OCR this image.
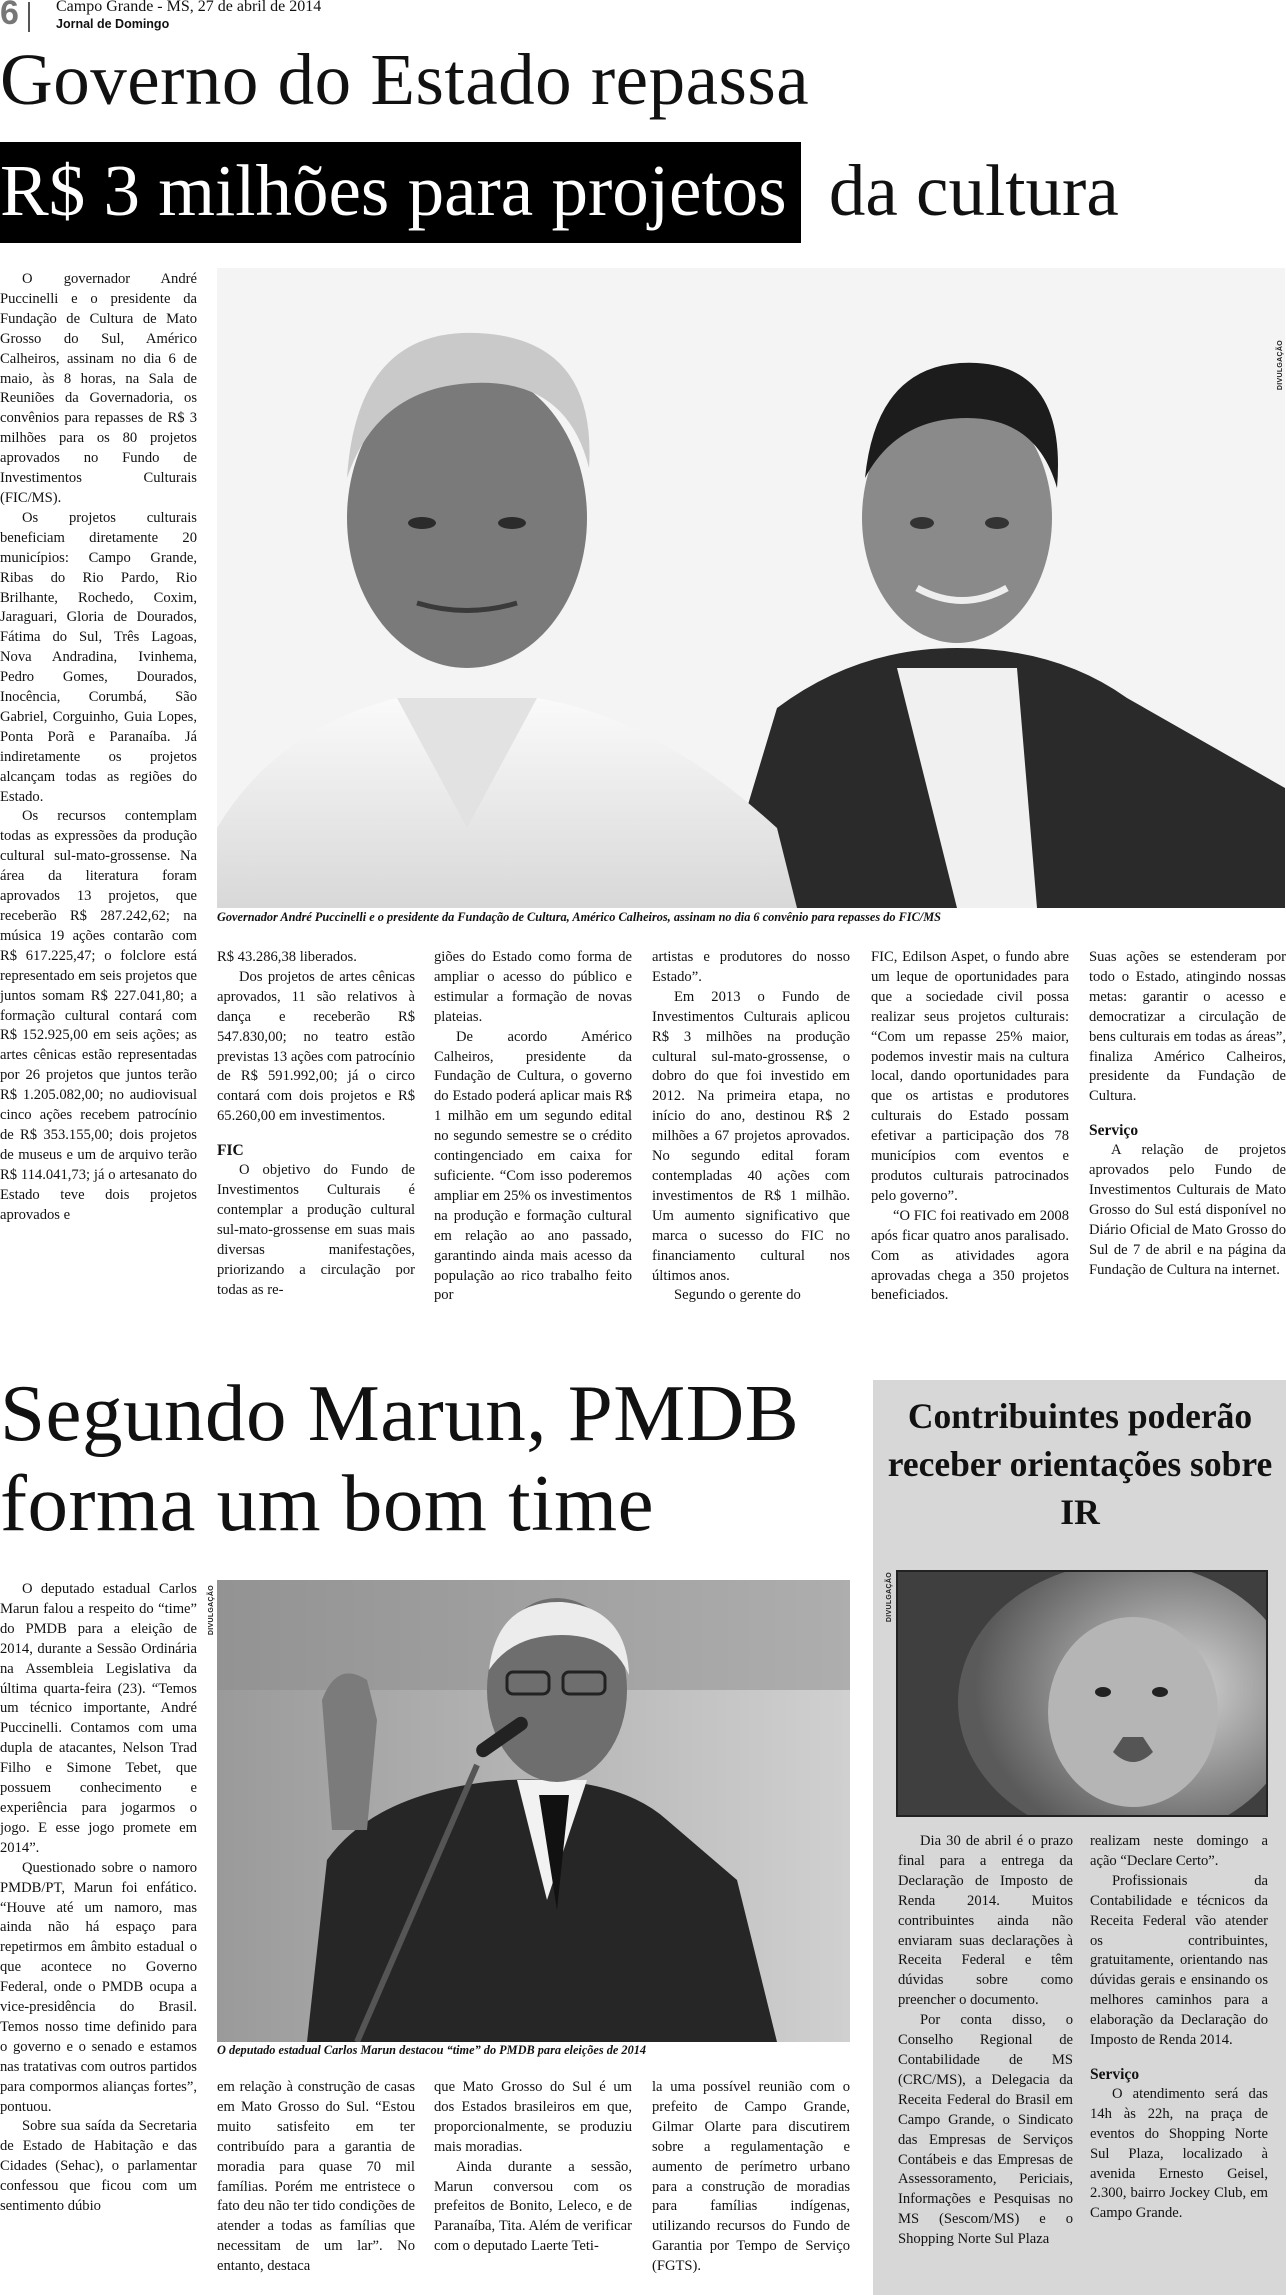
6 Campo Grande - MS, 27 de abril de 2014
Jornal de Domingo
Governo do Estado repassa
R$ 3 milhões para projetos da cultura
DIVULGAÇÃO
Governador André Puccinelli e o presidente da Fundação de Cultura, Américo Calheiros, assinam no dia 6 convênio para repasses do FIC/MS

O governador André Puccinelli e o presidente da Fundação de Cultura de Mato Grosso do Sul, Américo Calheiros, assinam no dia 6 de maio, às 8 horas, na Sala de Reuniões da Governadoria, os convênios para repasses de R$ 3 milhões para os 80 projetos aprovados no Fundo de Investimentos Culturais (FIC/MS).

Os projetos culturais beneficiam diretamente 20 municípios: Campo Grande, Ribas do Rio Pardo, Rio Brilhante, Rochedo, Coxim, Jaraguari, Gloria de Dourados, Fátima do Sul, Três Lagoas, Nova Andradina, Ivinhema, Pedro Gomes, Dourados, Inocência, Corumbá, São Gabriel, Corguinho, Guia Lopes, Ponta Porã e Paranaíba. Já indiretamente os projetos alcançam todas as regiões do Estado.

Os recursos contemplam todas as expressões da produção cultural sul-mato-grossense. Na área da literatura foram aprovados 13 projetos, que receberão R$ 287.242,62; na música 19 ações contarão com R$ 617.225,47; o folclore está representado em seis projetos que juntos somam R$ 227.041,80; a formação cultural contará com R$ 152.925,00 em seis ações; as artes cênicas estão representadas por 26 projetos que juntos terão R$ 1.205.082,00; no audiovisual cinco ações recebem patrocínio de R$ 353.155,00; dois projetos de museus e um de arquivo terão R$ 114.041,73; já o artesanato do Estado teve dois projetos aprovados e

R$ 43.286,38 liberados.

Dos projetos de artes cênicas aprovados, 11 são relativos à dança e receberão R$ 547.830,00; no teatro estão previstas 13 ações com patrocínio de R$ 591.992,00; já o circo contará com dois projetos e R$ 65.260,00 em investimentos.

FIC

O objetivo do Fundo de Investimentos Culturais é contemplar a produção cultural sul-mato-grossense em suas mais diversas manifestações, priorizando a circulação por todas as re-

giões do Estado como forma de ampliar o acesso do público e estimular a formação de novas plateias.

De acordo Américo Calheiros, presidente da Fundação de Cultura, o governo do Estado poderá aplicar mais R$ 1 milhão em um segundo edital no segundo semestre se o crédito contingenciado em caixa for suficiente. “Com isso poderemos ampliar em 25% os investimentos na produção e formação cultural em relação ao ano passado, garantindo ainda mais acesso da população ao rico trabalho feito por

artistas e produtores do nosso Estado”.

Em 2013 o Fundo de Investimentos Culturais aplicou R$ 3 milhões na produção cultural sul-mato-grossense, o dobro do que foi investido em 2012. Na primeira etapa, no início do ano, destinou R$ 2 milhões a 67 projetos aprovados. No segundo edital foram contempladas 40 ações com investimentos de R$ 1 milhão. Um aumento significativo que marca o sucesso do FIC no financiamento cultural nos últimos anos.

Segundo o gerente do

FIC, Edilson Aspet, o fundo abre um leque de oportunidades para que a sociedade civil possa realizar seus projetos culturais: “Com um repasse 25% maior, podemos investir mais na cultura local, dando oportunidades para que os artistas e produtores culturais do Estado possam efetivar a participação dos 78 municípios com eventos e produtos culturais patrocinados pelo governo”.

“O FIC foi reativado em 2008 após ficar quatro anos paralisado. Com as atividades agora aprovadas chega a 350 projetos beneficiados.

Suas ações se estenderam por todo o Estado, atingindo nossas metas: garantir o acesso e democratizar a circulação de bens culturais em todas as áreas”, finaliza Américo Calheiros, presidente da Fundação de Cultura.

Serviço

A relação de projetos aprovados pelo Fundo de Investimentos Culturais de Mato Grosso do Sul está disponível no Diário Oficial de Mato Grosso do Sul de 7 de abril e na página da Fundação de Cultura na internet.

Segundo Marun, PMDB
forma um bom time
DIVULGAÇÃO
O deputado estadual Carlos Marun destacou “time” do PMDB para eleições de 2014

O deputado estadual Carlos Marun falou a respeito do “time” do PMDB para a eleição de 2014, durante a Sessão Ordinária na Assembleia Legislativa da última quarta-feira (23). “Temos um técnico importante, André Puccinelli. Contamos com uma dupla de atacantes, Nelson Trad Filho e Simone Tebet, que possuem conhecimento e experiência para jogarmos o jogo. E esse jogo promete em 2014”.

Questionado sobre o namoro PMDB/PT, Marun foi enfático. “Houve até um namoro, mas ainda não há espaço para repetirmos em âmbito estadual o que acontece no Governo Federal, onde o PMDB ocupa a vice-presidência do Brasil. Temos nosso time definido para o governo e o senado e estamos nas tratativas com outros partidos para compormos alianças fortes”, pontuou.

Sobre sua saída da Secretaria de Estado de Habitação e das Cidades (Sehac), o parlamentar confessou que ficou com um sentimento dúbio

em relação à construção de casas em Mato Grosso do Sul. “Estou muito satisfeito em ter contribuído para a garantia de moradia para quase 70 mil famílias. Porém me entristece o fato deu não ter tido condições de atender a todas as famílias que necessitam de um lar”. No entanto, destaca

que Mato Grosso do Sul é um dos Estados brasileiros em que, proporcionalmente, se produziu mais moradias.

Ainda durante a sessão, Marun conversou com os prefeitos de Bonito, Leleco, e de Paranaíba, Tita. Além de verificar com o deputado Laerte Teti-

la uma possível reunião com o prefeito de Campo Grande, Gilmar Olarte para discutirem sobre a regulamentação e aumento de perímetro urbano para a construção de moradias para famílias indígenas, utilizando recursos do Fundo de Garantia por Tempo de Serviço (FGTS).

Contribuintes poderão receber orientações sobre IR
DIVULGAÇÃO

Dia 30 de abril é o prazo final para a entrega da Declaração de Imposto de Renda 2014. Muitos contribuintes ainda não enviaram suas declarações à Receita Federal e têm dúvidas sobre como preencher o documento.

Por conta disso, o Conselho Regional de Contabilidade de MS (CRC/MS), a Delegacia da Receita Federal do Brasil em Campo Grande, o Sindicato das Empresas de Serviços Contábeis e das Empresas de Assessoramento, Periciais, Informações e Pesquisas no MS (Sescom/MS) e o Shopping Norte Sul Plaza

realizam neste domingo a ação “Declare Certo”.

Profissionais da Contabilidade e técnicos da Receita Federal vão atender os contribuintes, gratuitamente, orientando nas dúvidas gerais e ensinando os melhores caminhos para a elaboração da Declaração do Imposto de Renda 2014.

Serviço

O atendimento será das 14h às 22h, na praça de eventos do Shopping Norte Sul Plaza, localizado à avenida Ernesto Geisel, 2.300, bairro Jockey Club, em Campo Grande.
